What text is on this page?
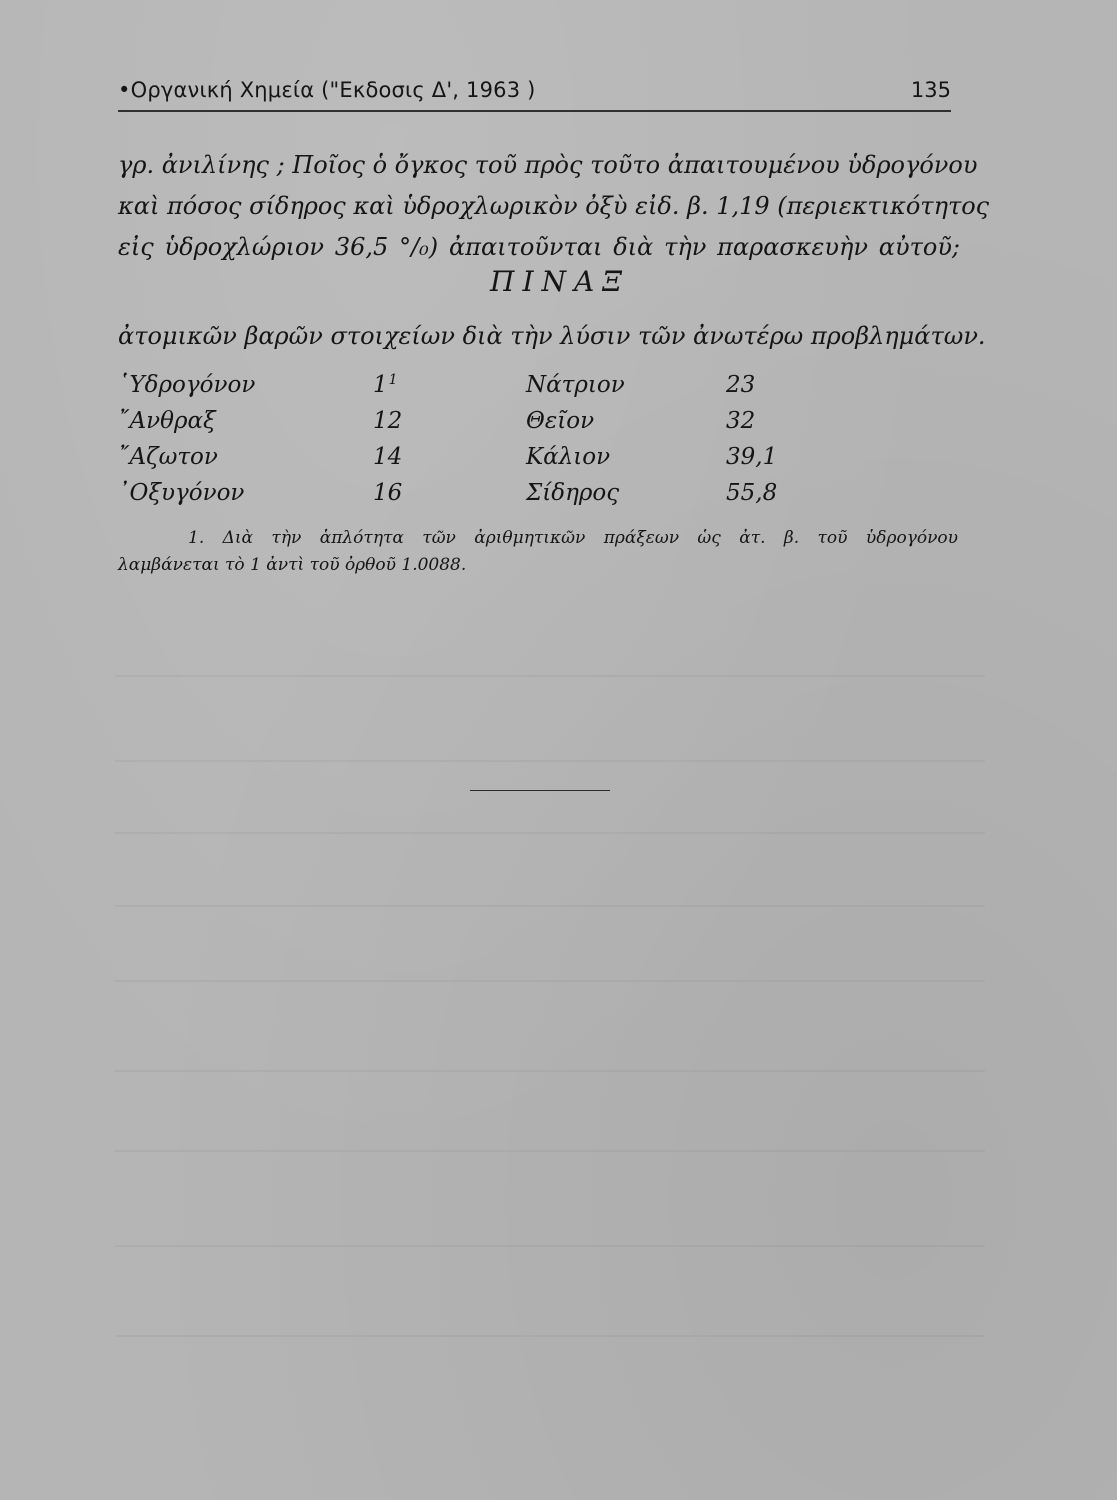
•Οργανική Χημεία ("Εκδοσις Δ', 1963 )	135
γρ. ἀνιλίνης ; Ποῖος ὁ ὄγκος τοῦ πρὸς τοῦτο ἀπαιτουμένου ὑδρογόνου
καὶ πόσος σίδηρος καὶ ὑδροχλωρικὸν ὀξὺ εἰδ. β. 1,19 (περιεκτικότητος
εἰς ὑδροχλώριον 36,5 °/₀) ἀπαιτοῦνται διὰ τὴν παρασκευὴν αὐτοῦ;
ΠΙΝΑΞ
ἀτομικῶν βαρῶν στοιχείων διὰ τὴν λύσιν τῶν ἀνωτέρω προβλημάτων.
῾Υδρογόνον	1$^1$	Νάτριον	23
῎Ανθραξ	12	Θεῖον	32
῎Αζωτον	14	Κάλιον	39,1
᾿Οξυγόνον	16	Σίδηρος	55,8
1. Διὰ τὴν ἁπλότητα τῶν ἀριθμητικῶν πράξεων ὡς ἀτ. β. τοῦ ὑδρογόνου
λαμβάνεται τὸ 1 ἀντὶ τοῦ ὀρθοῦ 1.0088.
